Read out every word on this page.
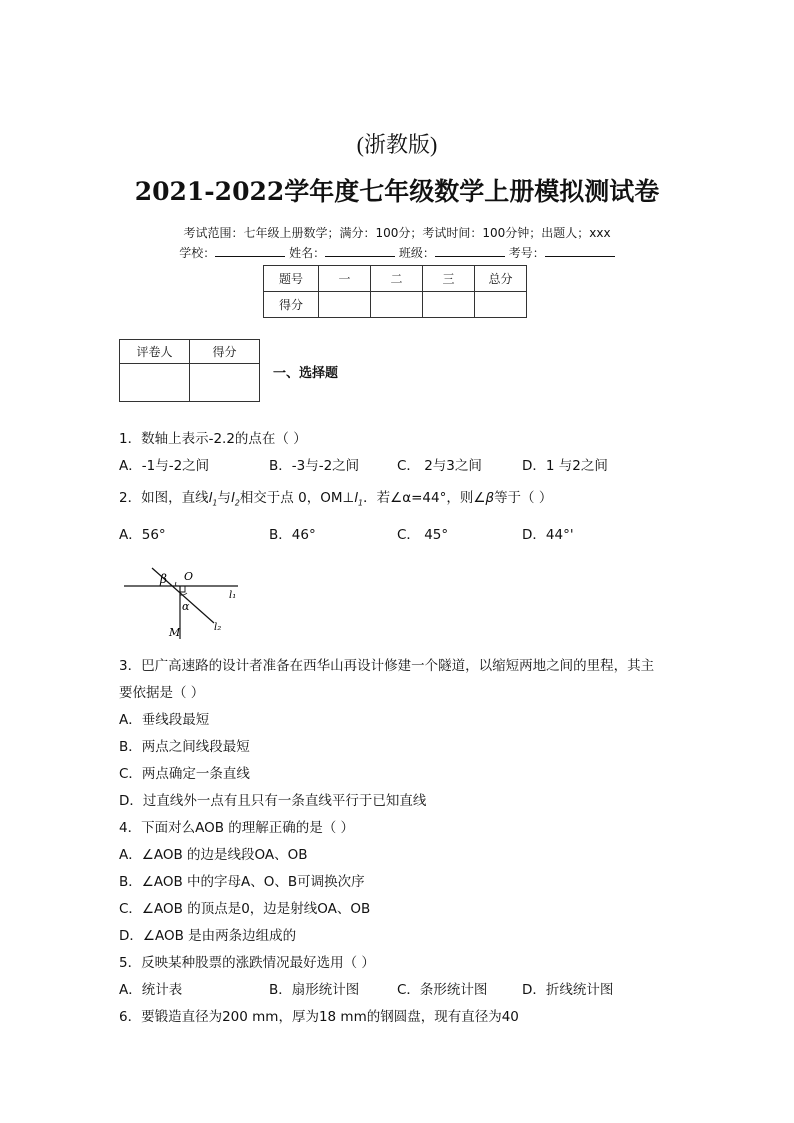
(浙教版)
2021-2022学年度七年级数学上册模拟测试卷
考试范围：七年级上册数学；满分：100分；考试时间：100分钟；出题人；xxx
学校：	姓名：	班级：	考号：
题号	一	二	三	总分
得分				
评卷人	得分

一、选择题
1．数轴上表示-2.2的点在（ ）
A．-1与-2之间	B．-3与-2之间	C． 2与3之间	D．1 与2之间
2．如图，直线$l_1$与$l_2$相交于点 0，$OM\perp l_1$．若∠α=44°，则∠β等于（ ）
A．56°	B．46°	C． 45°	D．44°'
β O
α
M
l₁
l₂
3．巴广高速路的设计者准备在西华山再设计修建一个隧道，以缩短两地之间的里程，其主
要依据是（ ）
A．垂线段最短
B．两点之间线段最短
C．两点确定一条直线
D．过直线外一点有且只有一条直线平行于已知直线
4．下面对么AOB 的理解正确的是（ ）
A．∠AOB 的边是线段OA、OB
B．∠AOB 中的字母A、O、B可调换次序
C．∠AOB 的顶点是0，边是射线OA、OB
D．∠AOB 是由两条边组成的
5．反映某种股票的涨跌情况最好选用（ ）
A．统计表	B．扇形统计图	C．条形统计图	D．折线统计图
6．要锻造直径为200 mm，厚为18 mm的钢圆盘，现有直径为40
